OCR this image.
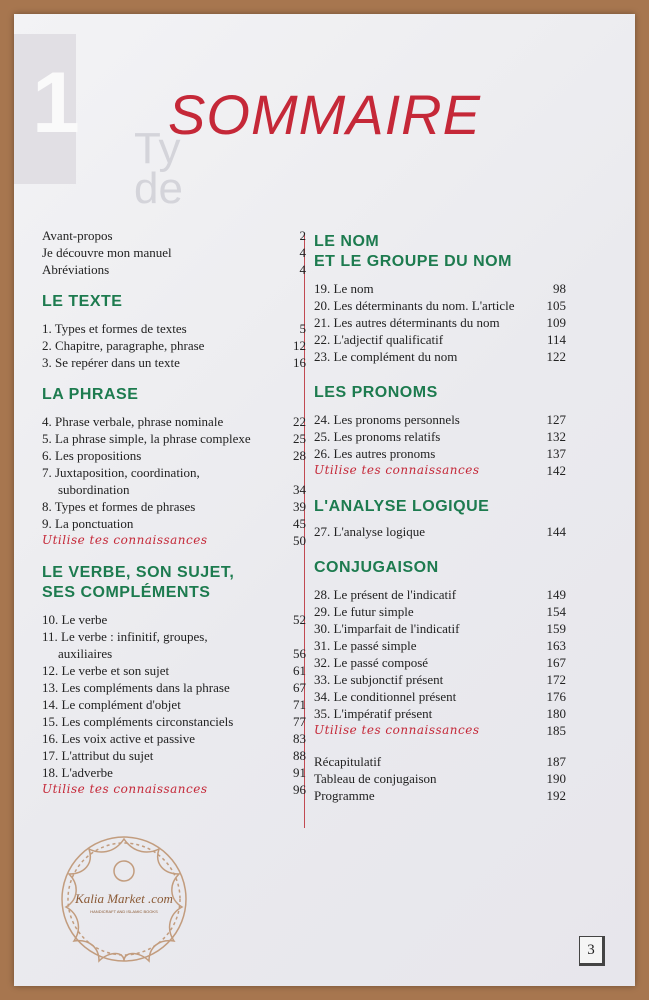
1 Ty
de
SOMMAIRE
Avant-propos	2
Je découvre mon manuel	4
Abréviations	4
LE TEXTE
1. Types et formes de textes	5
2. Chapitre, paragraphe, phrase	12
3. Se repérer dans un texte	16
LA PHRASE
4. Phrase verbale, phrase nominale	22
5. La phrase simple, la phrase complexe	25
6. Les propositions	28
7. Juxtaposition, coordination, subordination	34
8. Types et formes de phrases	39
9. La ponctuation	45
Utilise tes connaissances	50
LE VERBE, SON SUJET,
SES COMPLÉMENTS
10. Le verbe	52
11. Le verbe : infinitif, groupes, auxiliaires	56
12. Le verbe et son sujet	61
13. Les compléments dans la phrase	67
14. Le complément d'objet	71
15. Les compléments circonstanciels	77
16. Les voix active et passive	83
17. L'attribut du sujet	88
18. L'adverbe	91
Utilise tes connaissances	96
LE NOM
ET LE GROUPE DU NOM
19. Le nom	98
20. Les déterminants du nom. L'article	105
21. Les autres déterminants du nom	109
22. L'adjectif qualificatif	114
23. Le complément du nom	122
LES PRONOMS
24. Les pronoms personnels	127
25. Les pronoms relatifs	132
26. Les autres pronoms	137
Utilise tes connaissances	142
L'ANALYSE LOGIQUE
27. L'analyse logique	144
CONJUGAISON
28. Le présent de l'indicatif	149
29. Le futur simple	154
30. L'imparfait de l'indicatif	159
31. Le passé simple	163
32. Le passé composé	167
33. Le subjonctif présent	172
34. Le conditionnel présent	176
35. L'impératif présent	180
Utilise tes connaissances	185
Récapitulatif	187
Tableau de conjugaison	190
Programme	192
Kalia Market .com
HANDICRAFT AND ISLAMIC BOOKS
3
